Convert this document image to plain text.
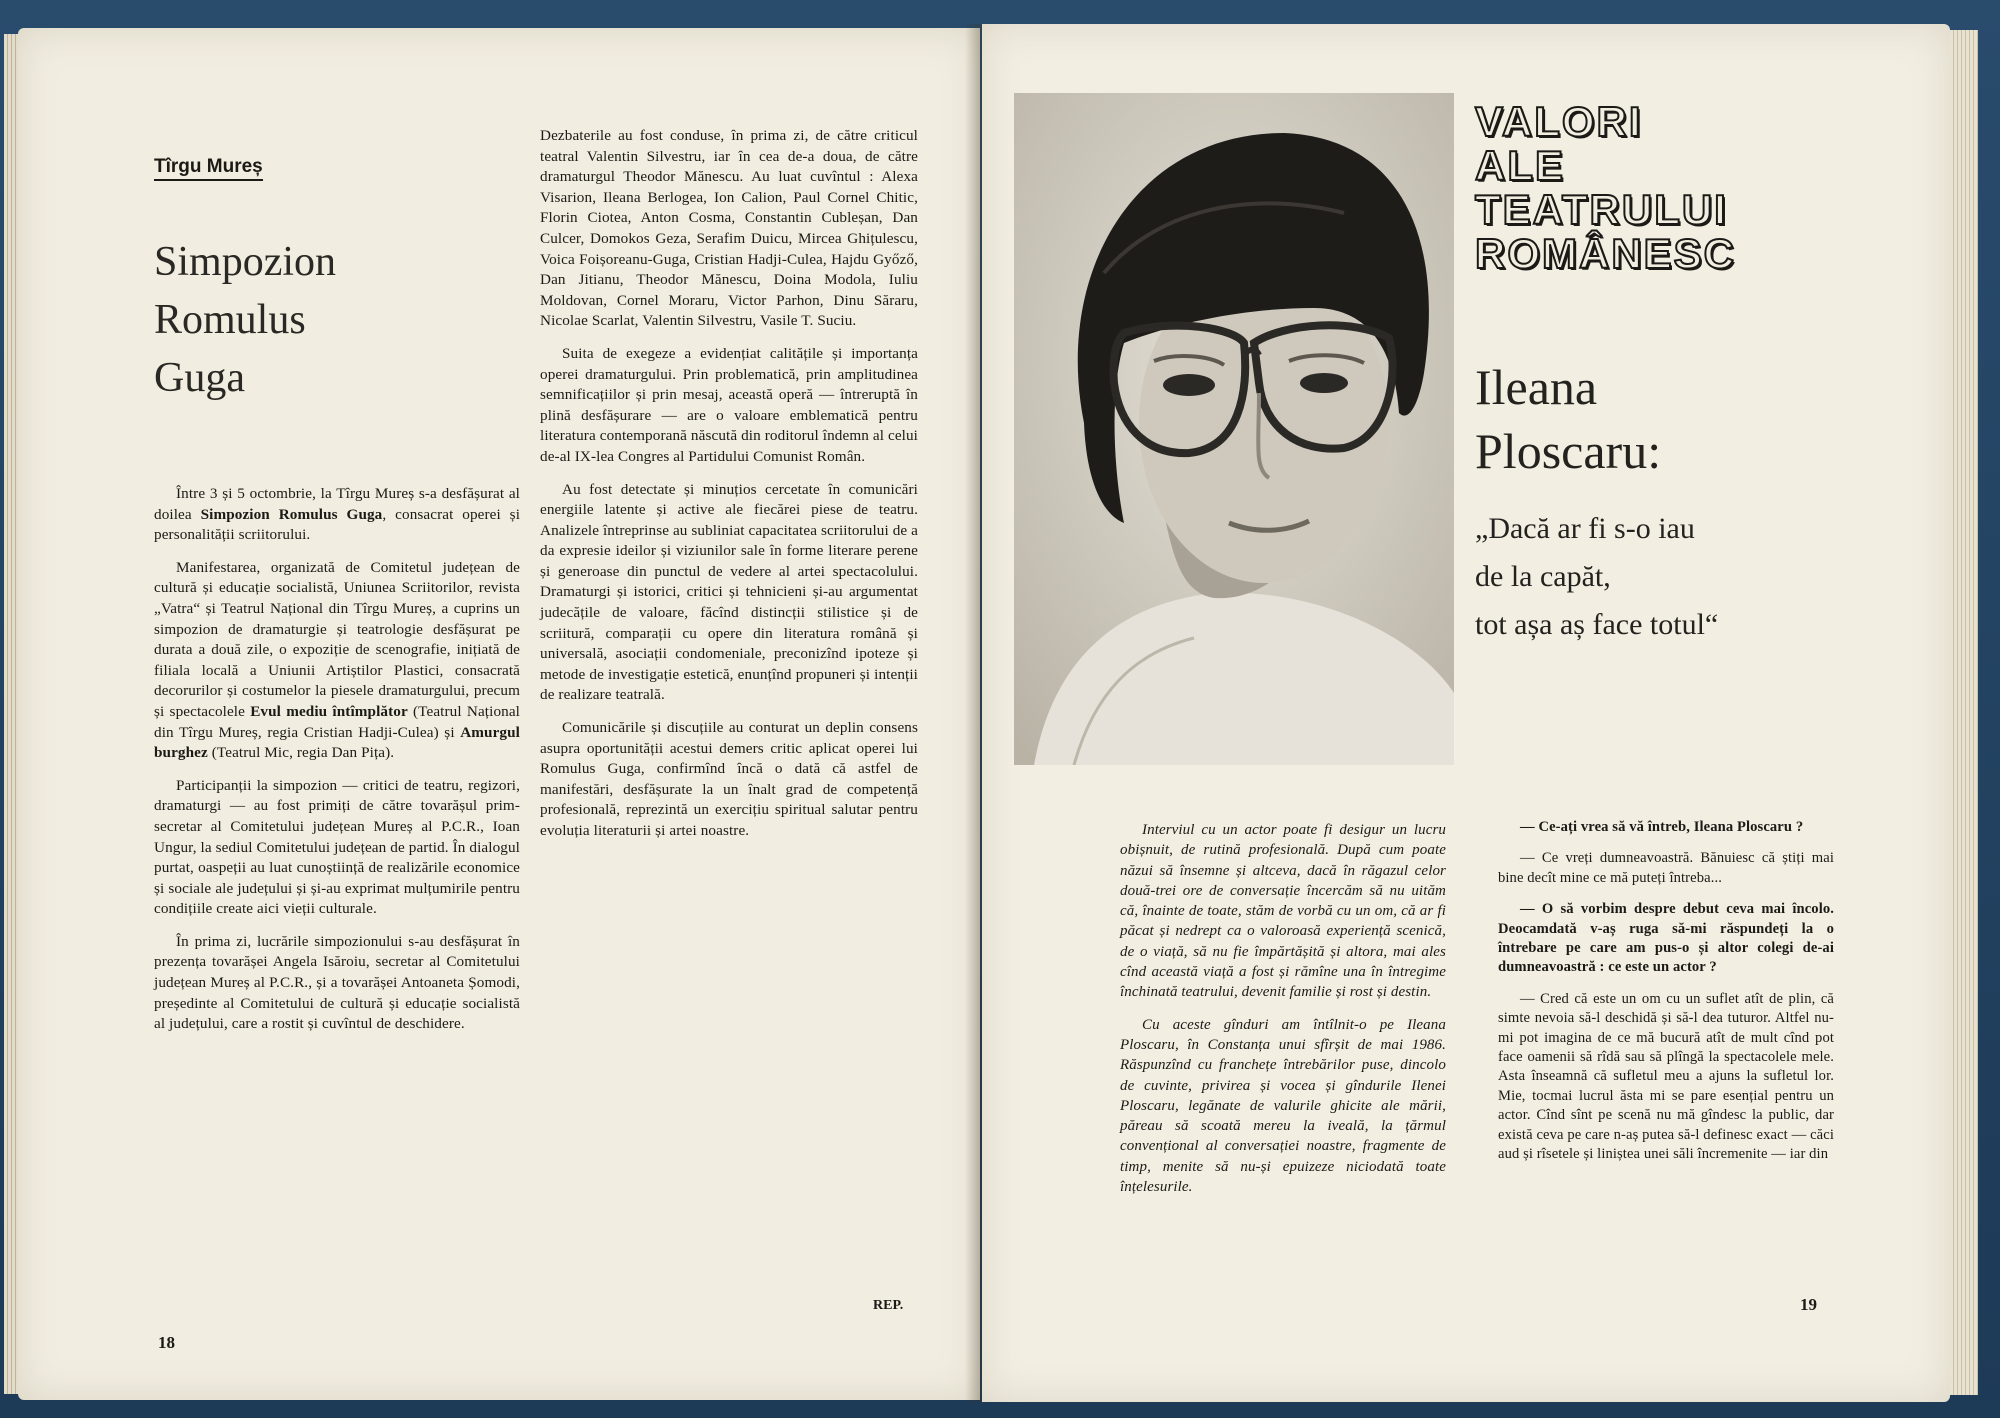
Tîrgu Mureș
Simpozion
Romulus
Guga

Între 3 și 5 octombrie, la Tîrgu Mureș s-a desfășurat al doilea Simpozion Romulus Guga, consacrat operei și personalității scriitorului.

Manifestarea, organizată de Comitetul județean de cultură și educație socialistă, Uniunea Scriitorilor, revista „Vatra“ și Teatrul Național din Tîrgu Mureș, a cuprins un simpozion de dramaturgie și teatrologie desfășurat pe durata a două zile, o expoziție de scenografie, inițiată de filiala locală a Uniunii Artiștilor Plastici, consacrată decorurilor și costumelor la piesele dramaturgului, precum și spectacolele Evul mediu întîmplător (Teatrul Național din Tîrgu Mureș, regia Cristian Hadji-Culea) și Amurgul burghez (Teatrul Mic, regia Dan Pița).

Participanții la simpozion — critici de teatru, regizori, dramaturgi — au fost primiți de către tovarășul prim-secretar al Comitetului județean Mureș al P.C.R., Ioan Ungur, la sediul Comitetului județean de partid. În dialogul purtat, oaspeții au luat cunoștiință de realizările economice și sociale ale județului și și-au exprimat mulțumirile pentru condițiile create aici vieții culturale.

În prima zi, lucrările simpozionului s-au desfășurat în prezența tovarășei Angela Isăroiu, secretar al Comitetului județean Mureș al P.C.R., și a tovarășei Antoaneta Șomodi, președinte al Comitetului de cultură și educație socialistă al județului, care a rostit și cuvîntul de deschidere.

Dezbaterile au fost conduse, în prima zi, de către criticul teatral Valentin Silvestru, iar în cea de-a doua, de către dramaturgul Theodor Mănescu. Au luat cuvîntul : Alexa Visarion, Ileana Berlogea, Ion Calion, Paul Cornel Chitic, Florin Ciotea, Anton Cosma, Constantin Cubleșan, Dan Culcer, Domokos Geza, Serafim Duicu, Mircea Ghițulescu, Voica Foișoreanu-Guga, Cristian Hadji-Culea, Hajdu Győző, Dan Jitianu, Theodor Mănescu, Doina Modola, Iuliu Moldovan, Cornel Moraru, Victor Parhon, Dinu Săraru, Nicolae Scarlat, Valentin Silvestru, Vasile T. Suciu.

Suita de exegeze a evidențiat calitățile și importanța operei dramaturgului. Prin problematică, prin amplitudinea semnificațiilor și prin mesaj, această operă — întreruptă în plină desfășurare — are o valoare emblematică pentru literatura contemporană născută din roditorul îndemn al celui de-al IX-lea Congres al Partidului Comunist Român.

Au fost detectate și minuțios cercetate în comunicări energiile latente și active ale fiecărei piese de teatru. Analizele întreprinse au subliniat capacitatea scriitorului de a da expresie ideilor și viziunilor sale în forme literare perene și generoase din punctul de vedere al artei spectacolului. Dramaturgi și istorici, critici și tehnicieni și-au argumentat judecățile de valoare, făcînd distincții stilistice și de scriitură, comparații cu opere din literatura română și universală, asociații condomeniale, preconizînd ipoteze și metode de investigație estetică, enunțînd propuneri și intenții de realizare teatrală.

Comunicările și discuțiile au conturat un deplin consens asupra oportunității acestui demers critic aplicat operei lui Romulus Guga, confirmînd încă o dată că astfel de manifestări, desfășurate la un înalt grad de competență profesională, reprezintă un exercițiu spiritual salutar pentru evoluția literaturii și artei noastre.

REP.
18
VALORI
ALE
TEATRULUI
ROMÂNESC
Ileana
Ploscaru:
„Dacă ar fi s-o iau
de la capăt,
tot așa aș face totul“

Interviul cu un actor poate fi desigur un lucru obișnuit, de rutină profesională. După cum poate năzui să însemne și altceva, dacă în răgazul celor două-trei ore de conversație încercăm să nu uităm că, înainte de toate, stăm de vorbă cu un om, că ar fi păcat și nedrept ca o valoroasă experiență scenică, de o viață, să nu fie împărtășită și altora, mai ales cînd această viață a fost și rămîne una în întregime închinată teatrului, devenit familie și rost și destin.

Cu aceste gînduri am întîlnit-o pe Ileana Ploscaru, în Constanța unui sfîrșit de mai 1986. Răspunzînd cu franchețe întrebărilor puse, dincolo de cuvinte, privirea și vocea și gîndurile Ilenei Ploscaru, legănate de valurile ghicite ale mării, păreau să scoată mereu la iveală, la țărmul convențional al conversației noastre, fragmente de timp, menite să nu-și epuizeze niciodată toate înțelesurile.

— Ce-ați vrea să vă întreb, Ileana Ploscaru ?

— Ce vreți dumneavoastră. Bănuiesc că știți mai bine decît mine ce mă puteți întreba...

— O să vorbim despre debut ceva mai încolo. Deocamdată v-aș ruga să-mi răspundeți la o întrebare pe care am pus-o și altor colegi de-ai dumneavoastră : ce este un actor ?

— Cred că este un om cu un suflet atît de plin, că simte nevoia să-l deschidă și să-l dea tuturor. Altfel nu-mi pot imagina de ce mă bucură atît de mult cînd pot face oamenii să rîdă sau să plîngă la spectacolele mele. Asta înseamnă că sufletul meu a ajuns la sufletul lor. Mie, tocmai lucrul ăsta mi se pare esențial pentru un actor. Cînd sînt pe scenă nu mă gîndesc la public, dar există ceva pe care n-aș putea să-l definesc exact — căci aud și rîsetele și liniștea unei săli încremenite — iar din

19
